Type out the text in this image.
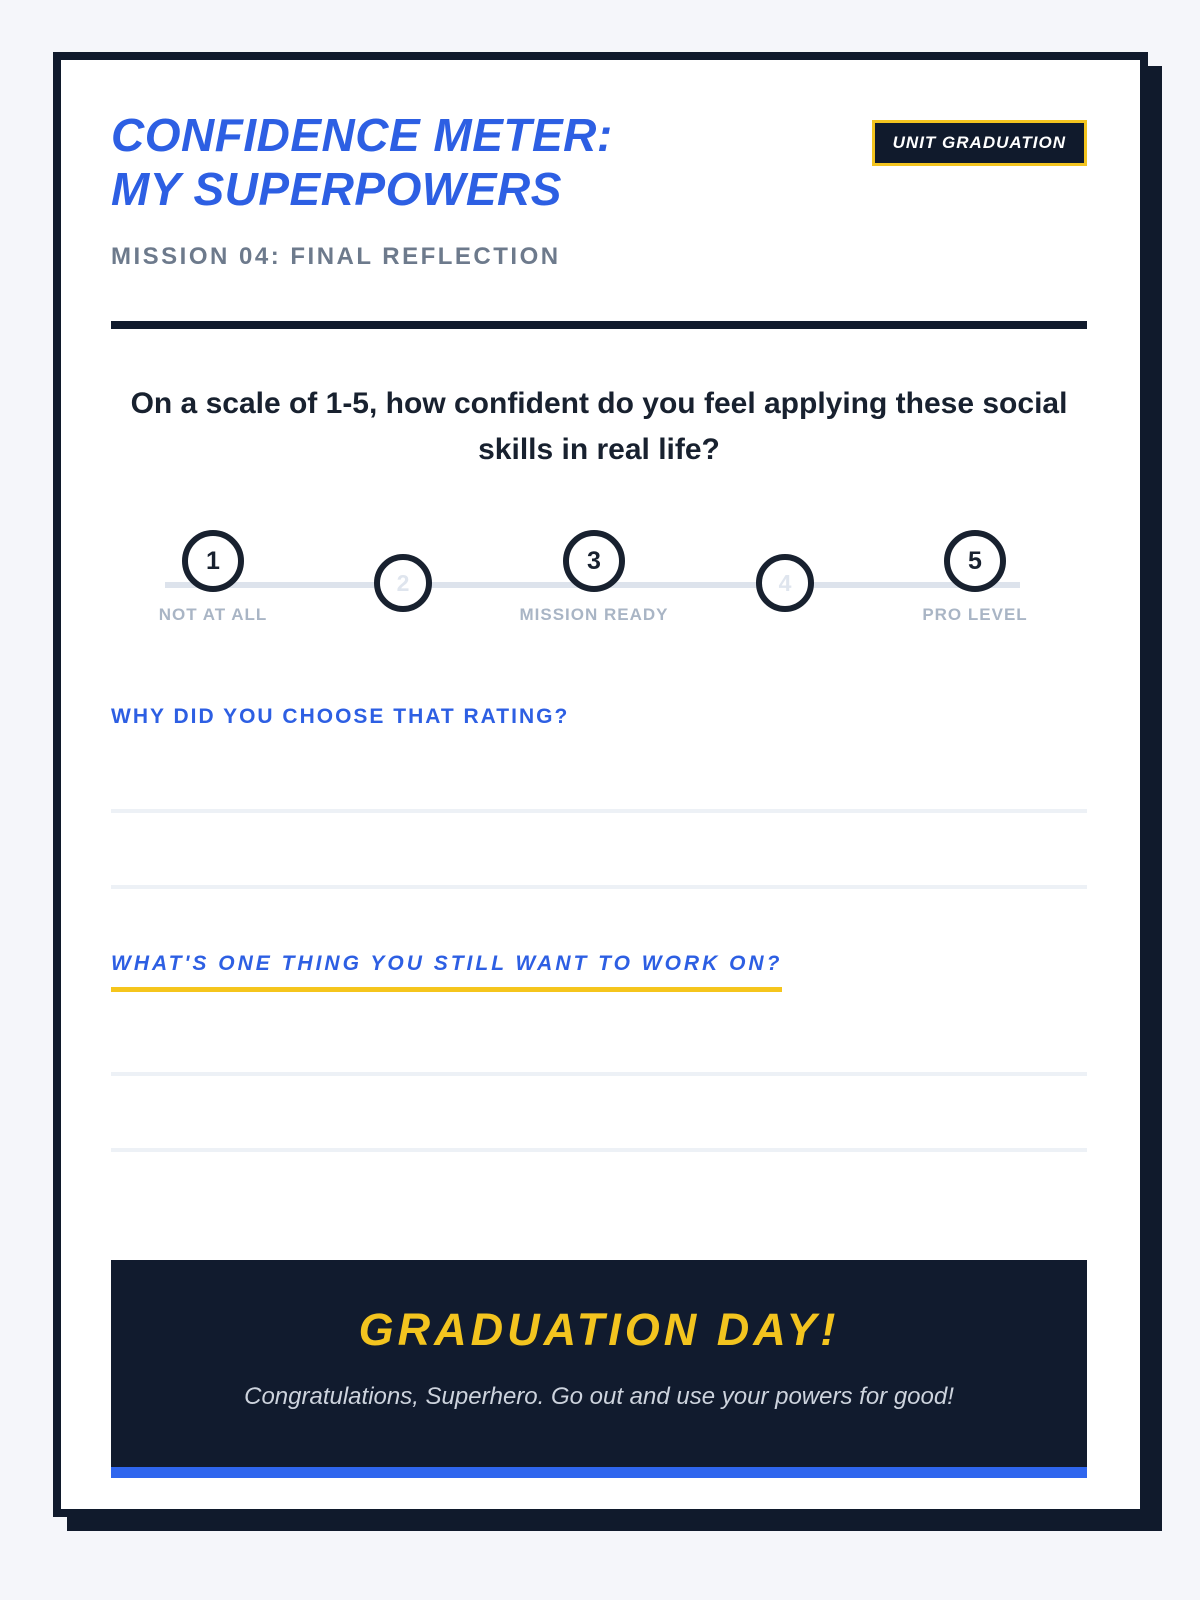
CONFIDENCE METER:
MY SUPERPOWERS
UNIT GRADUATION
MISSION 04: FINAL REFLECTION
On a scale of 1-5, how confident do you feel applying these social skills in real life?
1
2
3
4
5
NOT AT ALL	MISSION READY	PRO LEVEL
WHY DID YOU CHOOSE THAT RATING?
WHAT'S ONE THING YOU STILL WANT TO WORK ON?
GRADUATION DAY!
Congratulations, Superhero. Go out and use your powers for good!
